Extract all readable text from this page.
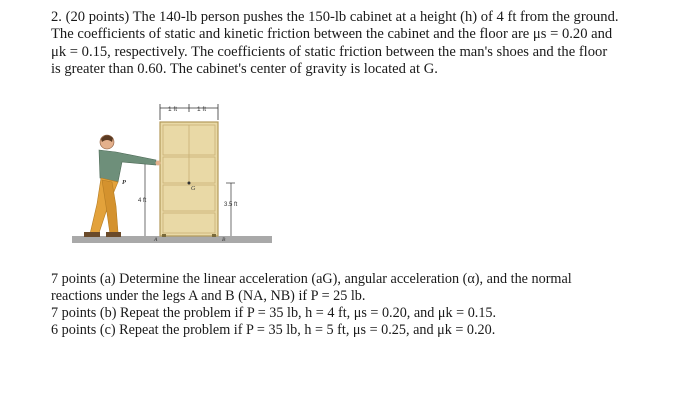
2. (20 points) The 140-lb person pushes the 150-lb cabinet at a height (h) of 4 ft from the ground.

The coefficients of static and kinetic friction between the cabinet and the floor are μs = 0.20 and

μk = 0.15, respectively. The coefficients of static friction between the man's shoes and the floor

is greater than 0.60. The cabinet's center of gravity is located at G.

1 ft	1 ft
G
3.5 ft
B
A
4 ft
P

7 points (a) Determine the linear acceleration (aG), angular acceleration (α), and the normal

reactions under the legs A and B (NA, NB) if P = 25 lb.

7 points (b) Repeat the problem if P = 35 lb, h = 4 ft, μs = 0.20, and μk = 0.15.

6 points (c) Repeat the problem if P = 35 lb, h = 5 ft, μs = 0.25, and μk = 0.20.
